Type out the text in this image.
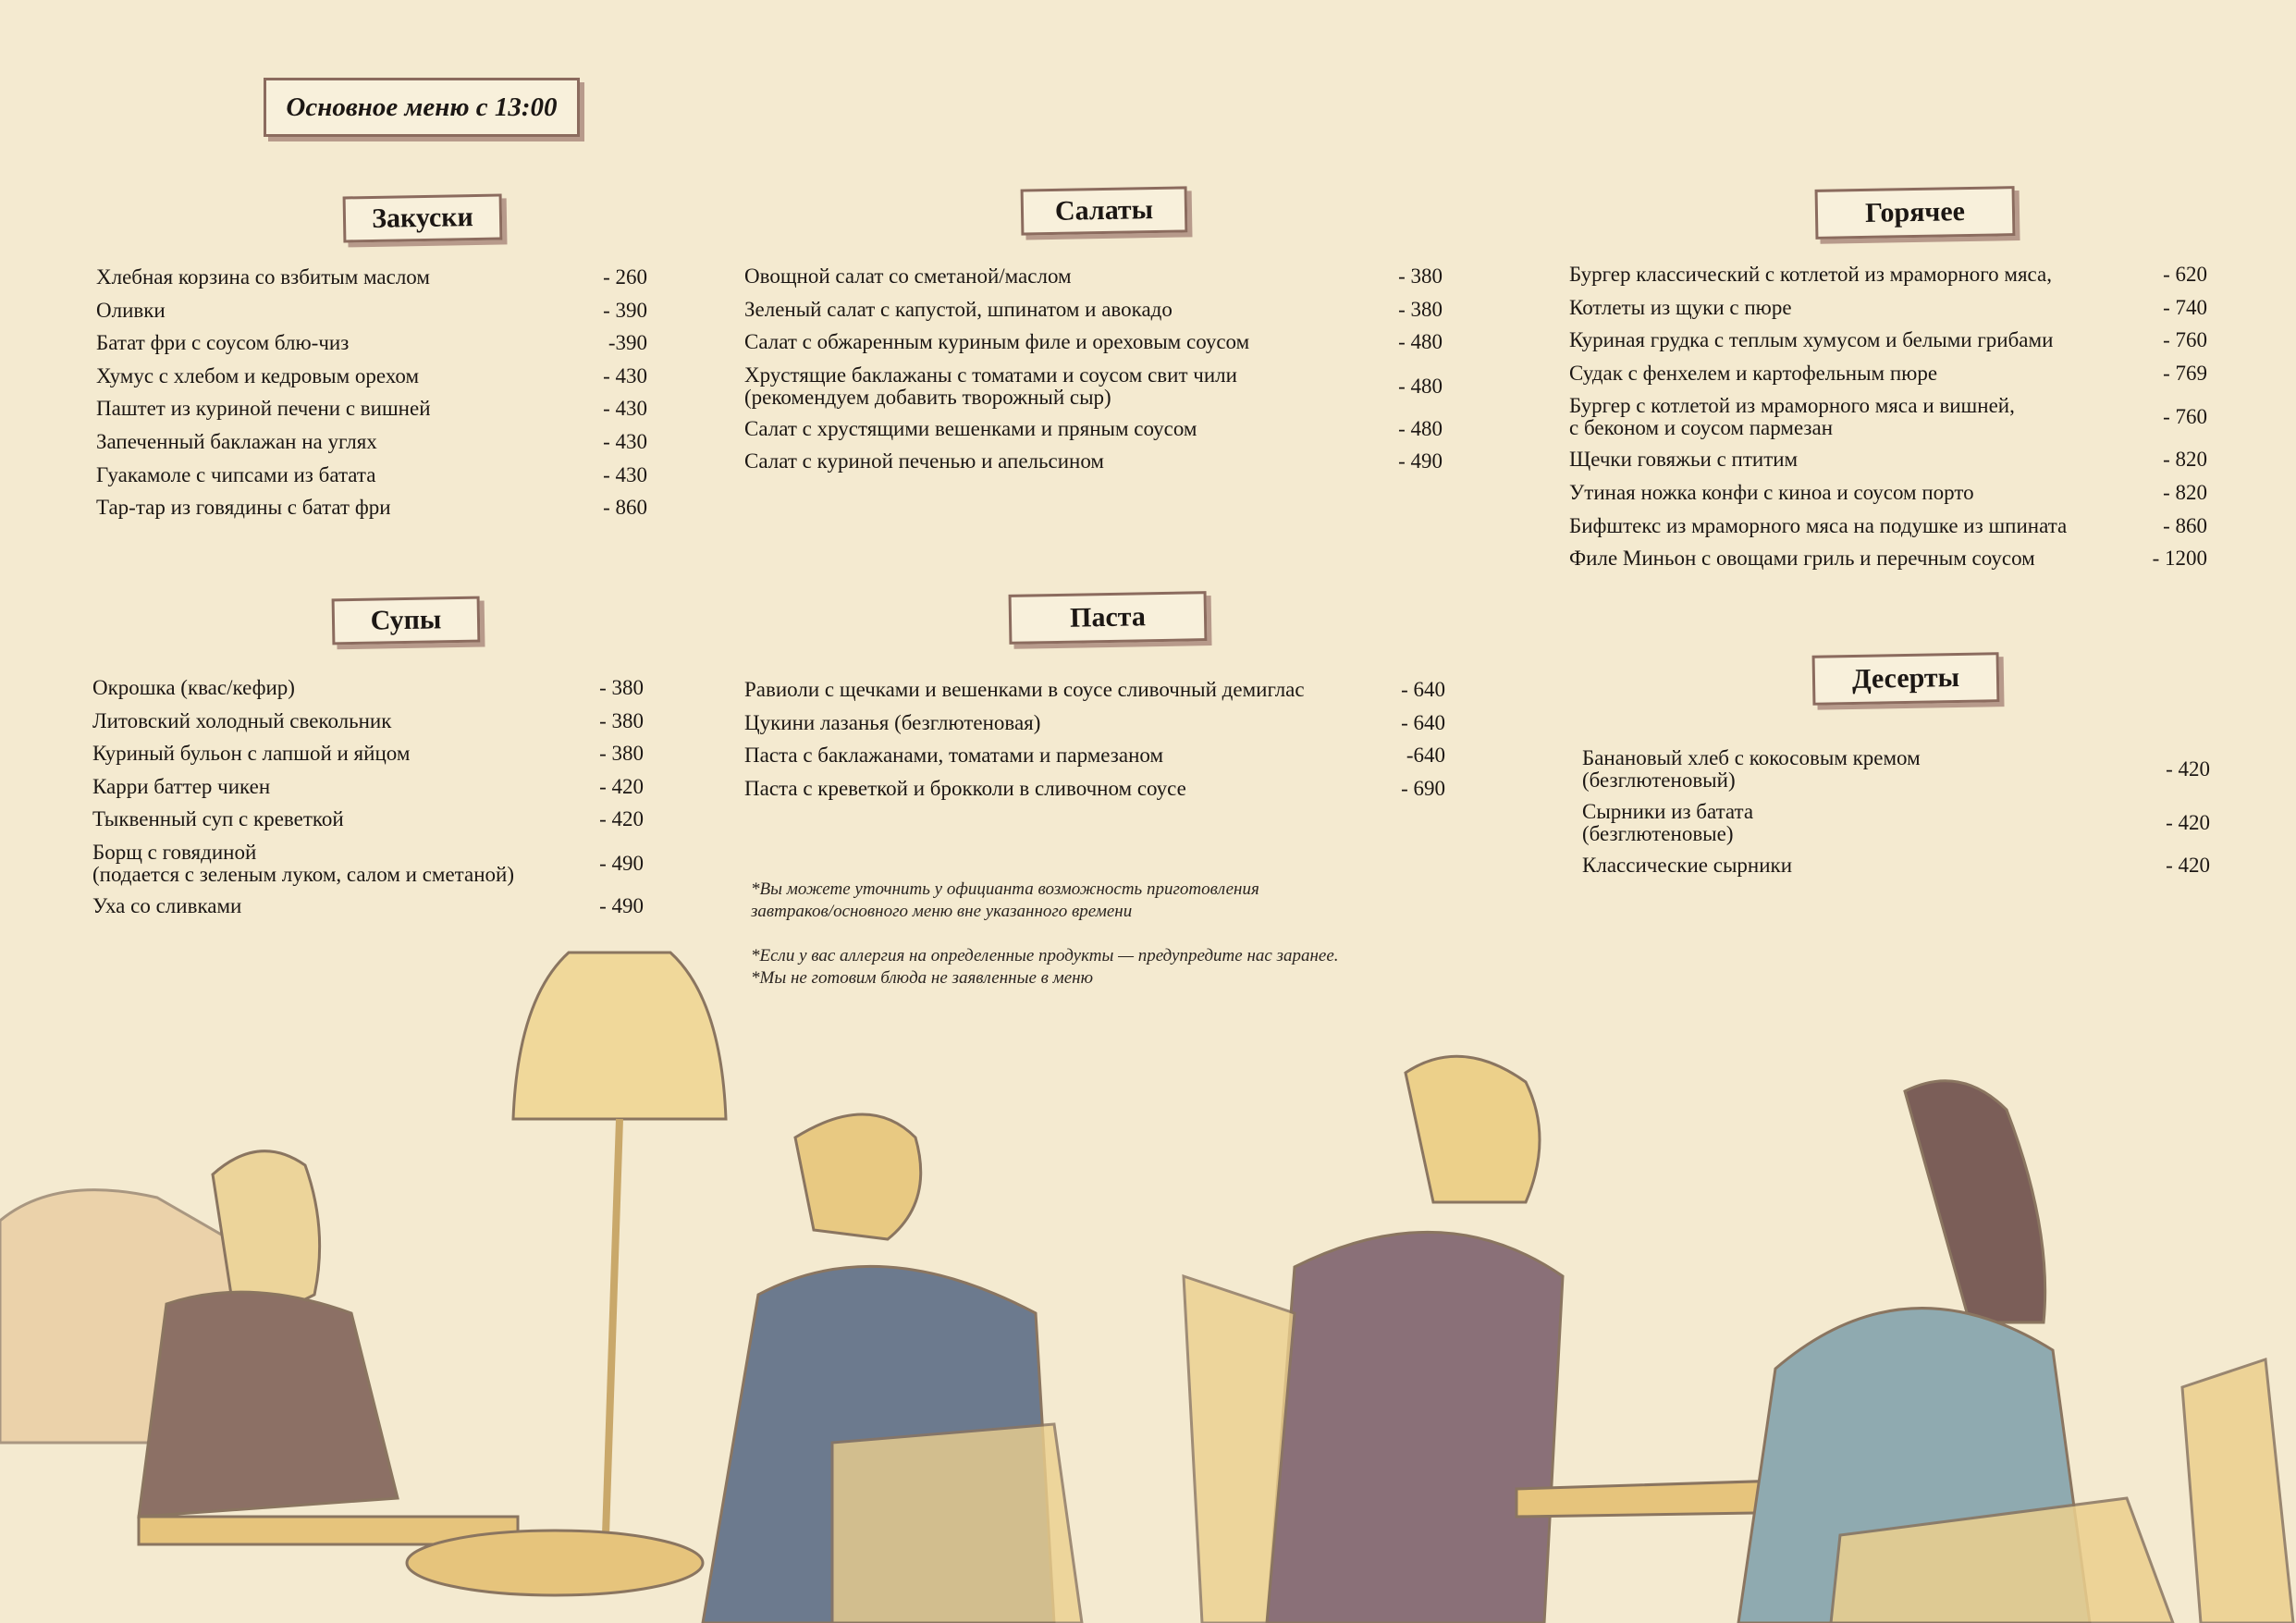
Основное меню с 13:00
Закуски
Хлебная корзина со взбитым маслом	- 260
Оливки	- 390
Батат фри с соусом блю-чиз	-390
Хумус с хлебом и кедровым орехом	- 430
Паштет из куриной печени с вишней	- 430
Запеченный баклажан на углях	- 430
Гуакамоле с чипсами из батата	- 430
Тар-тар из говядины с батат фри	- 860
Супы
Окрошка (квас/кефир)	- 380
Литовский холодный свекольник	- 380
Куриный бульон с лапшой и яйцом	- 380
Карри баттер чикен	- 420
Тыквенный суп с креветкой	- 420
Борщ с говядиной
(подается с зеленым луком, салом и сметаной)	- 490
Уха со сливками	- 490
Салаты
Овощной салат со сметаной/маслом	- 380
Зеленый салат с капустой, шпинатом и авокадо	- 380
Салат с обжаренным куриным филе и ореховым соусом	- 480
Хрустящие баклажаны с томатами и соусом свит чили
(рекомендуем добавить творожный сыр)	- 480
Салат с хрустящими вешенками и пряным соусом	- 480
Салат с куриной печенью и апельсином	- 490
Паста
Равиоли с щечками и вешенками в соусе сливочный демиглас	- 640
Цукини лазанья (безглютеновая)	- 640
Паста с баклажанами, томатами и пармезаном	-640
Паста с креветкой и брокколи в сливочном соусе	- 690
Горячее
Бургер классический с котлетой из мраморного мяса,	- 620
Котлеты из щуки с пюре	- 740
Куриная грудка с теплым хумусом и белыми грибами	- 760
Судак с фенхелем и картофельным пюре	- 769
Бургер с котлетой из мраморного мяса и вишней,
с беконом и соусом пармезан	- 760
Щечки говяжьи с птитим	- 820
Утиная ножка конфи с киноа и соусом порто	- 820
Бифштекс из мраморного мяса на подушке из шпината	- 860
Филе Миньон с овощами гриль и перечным соусом	- 1200
Десерты
Банановый хлеб с кокосовым кремом
(безглютеновый)	- 420
Сырники из батата
(безглютеновые)	- 420
Классические сырники	- 420

*Вы можете уточнить у официанта возможность приготовления
завтраков/основного меню вне указанного времени

*Если у вас аллергия на определенные продукты — предупредите нас заранее.
*Мы не готовим блюда не заявленные в меню
